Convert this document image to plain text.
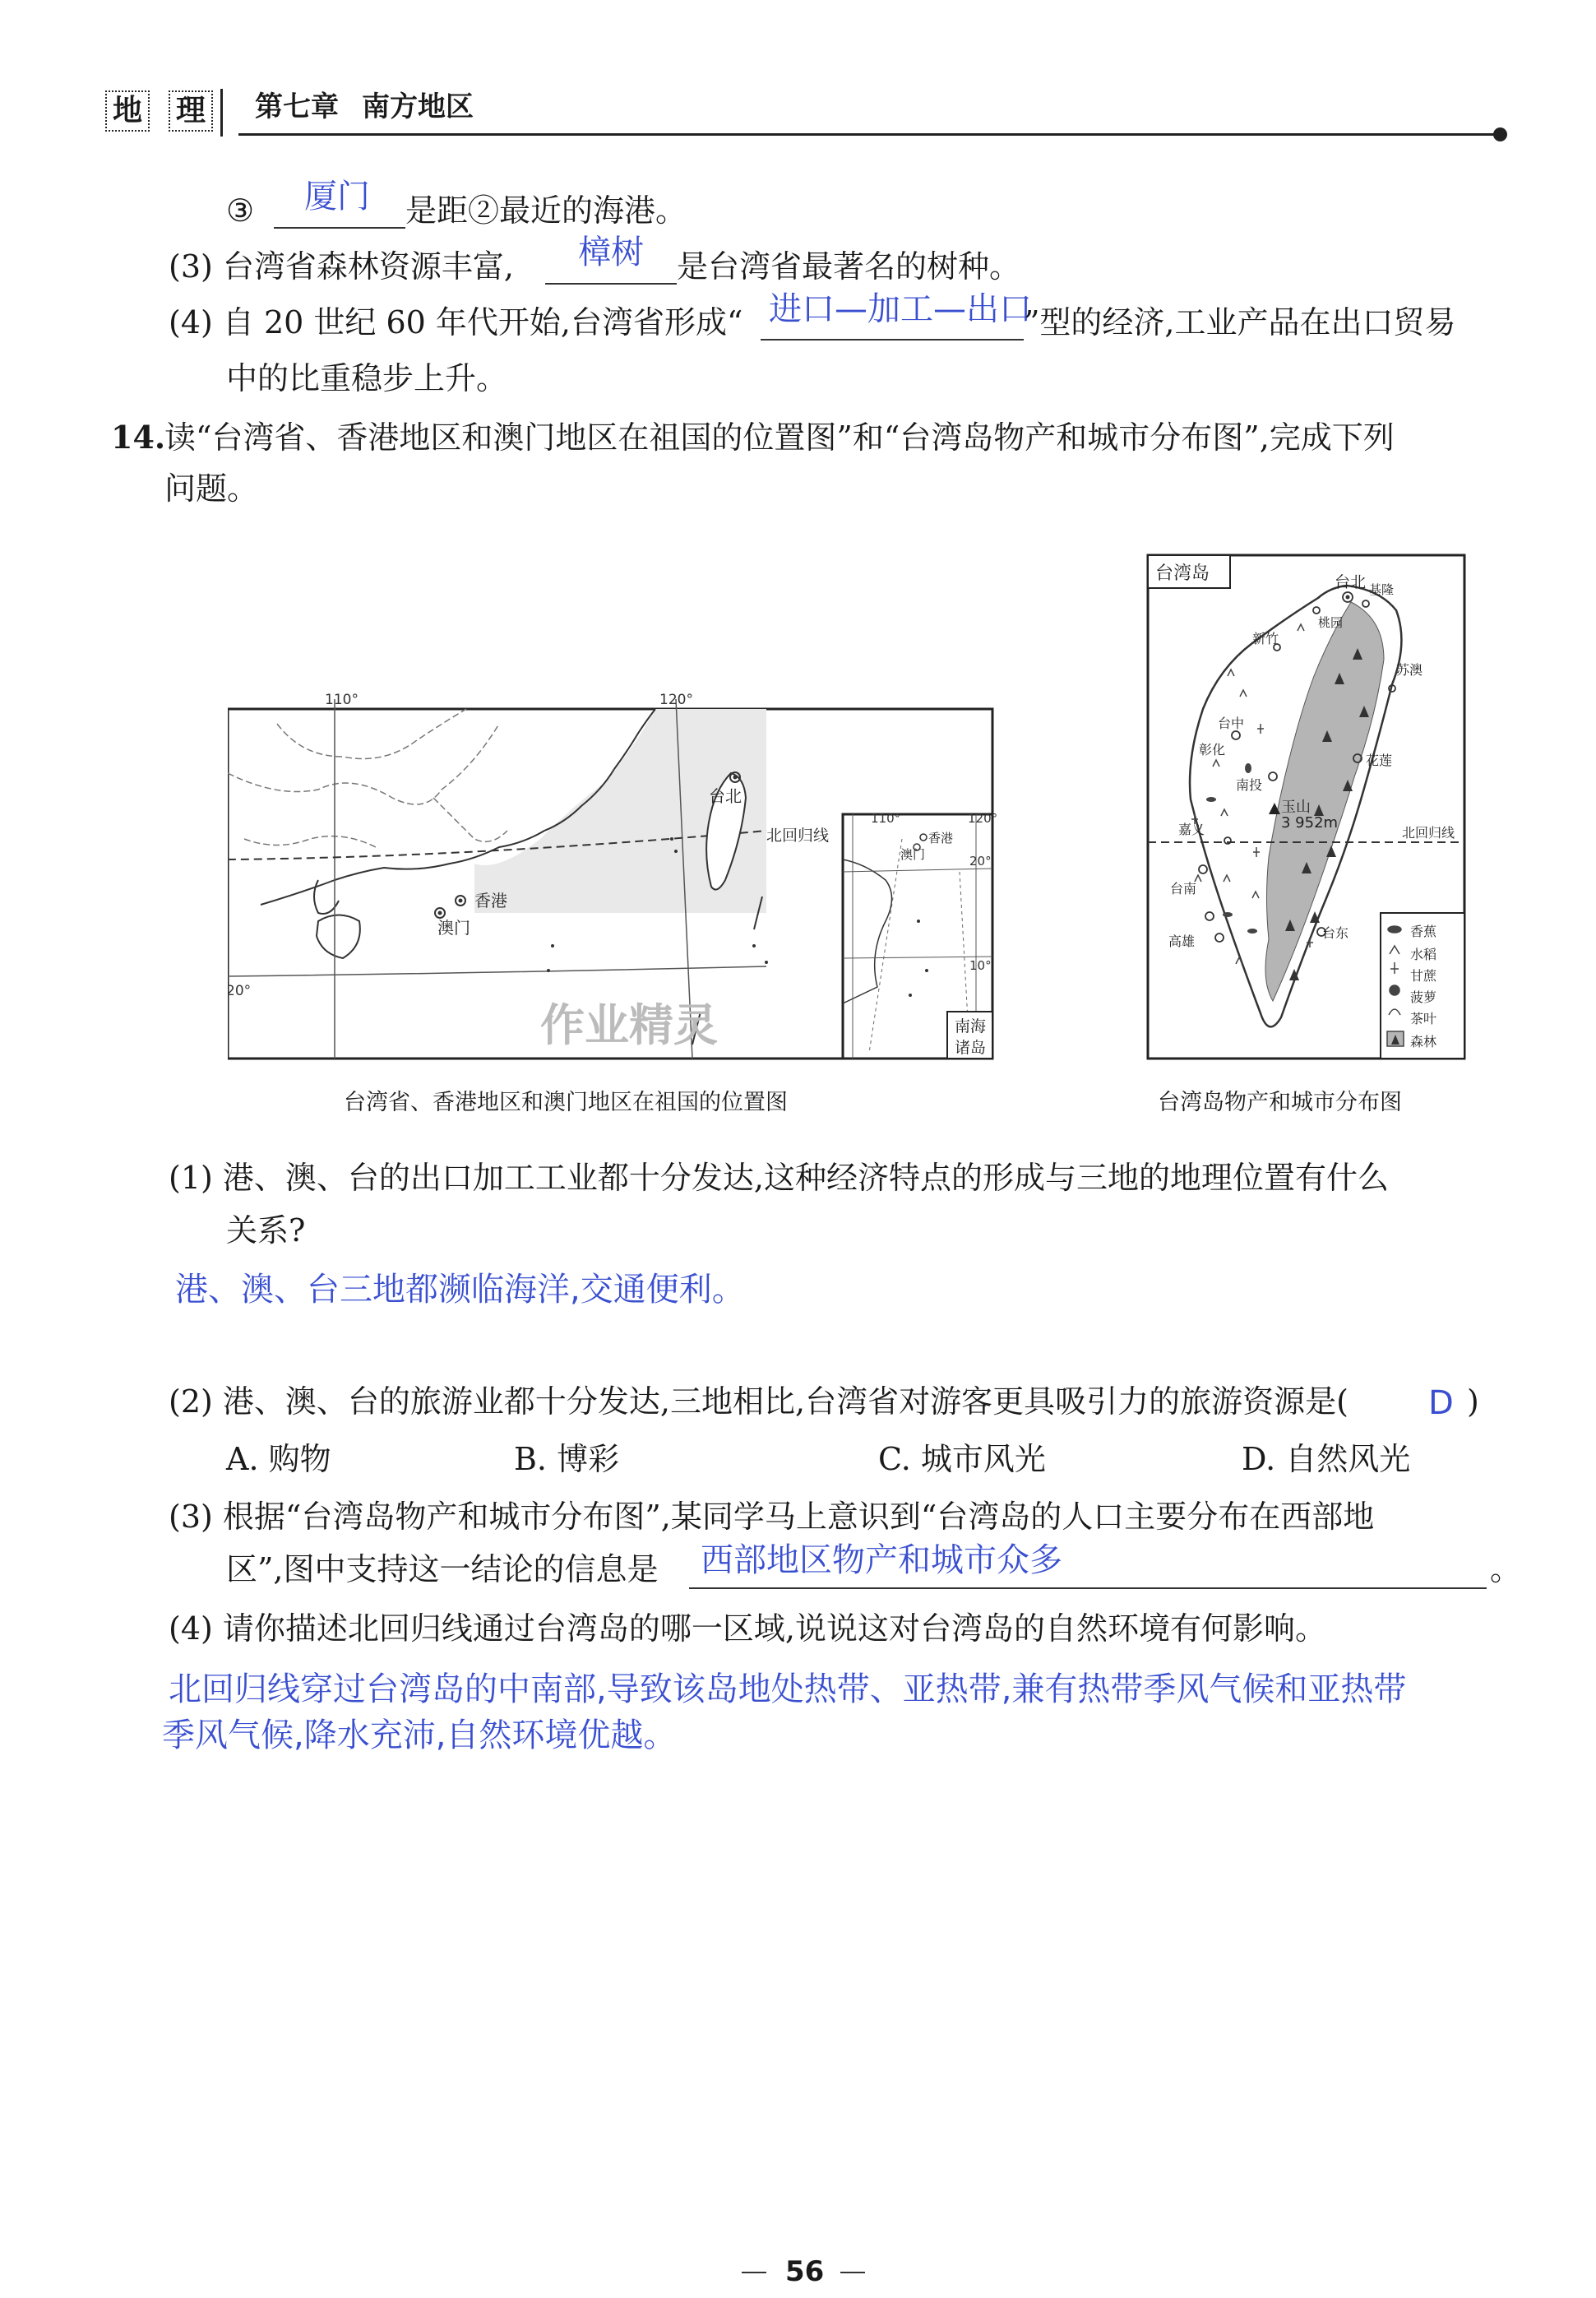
地 理 第七章 南方地区
③ 厦门 是距②最近的海港。
(3) 台湾省森林资源丰富, 樟树 是台湾省最著名的树种。
(4) 自 20 世纪 60 年代开始,台湾省形成“ 进口—加工—出口
”型的经济,工业产品在出口贸易
中的比重稳步上升。
14.
读“台湾省、香港地区和澳门地区在祖国的位置图”和“台湾岛物产和城市分布图”,完成下列
问题。
作业精灵
110°	120°
20°
台北
北回归线
香港
澳门
110°	120°
20°
10°
香港
澳门
南海
诸岛
台湾省、香港地区和澳门地区在祖国的位置图
台湾岛	台北 基隆
桃园
新竹
苏澳
台中
彰化
花莲
南投
嘉义
台南
高雄
台东
玉山
3 952m
北回归线
香蕉
水稻
甘蔗
菠萝
茶叶
森林
台湾岛物产和城市分布图
(1) 港、澳、台的出口加工工业都十分发达,这种经济特点的形成与三地的地理位置有什么
关系?
港、澳、台三地都濒临海洋,交通便利。
(2) 港、澳、台的旅游业都十分发达,三地相比,台湾省对游客更具吸引力的旅游资源是( D )
A. 购物	B. 博彩	C. 城市风光	D. 自然风光
(3) 根据“台湾岛物产和城市分布图”,某同学马上意识到“台湾岛的人口主要分布在西部地
区”,图中支持这一结论的信息是 西部地区物产和城市众多	。
(4) 请你描述北回归线通过台湾岛的哪一区域,说说这对台湾岛的自然环境有何影响。
北回归线穿过台湾岛的中南部,导致该岛地处热带、亚热带,兼有热带季风气候和亚热带
季风气候,降水充沛,自然环境优越。
56
